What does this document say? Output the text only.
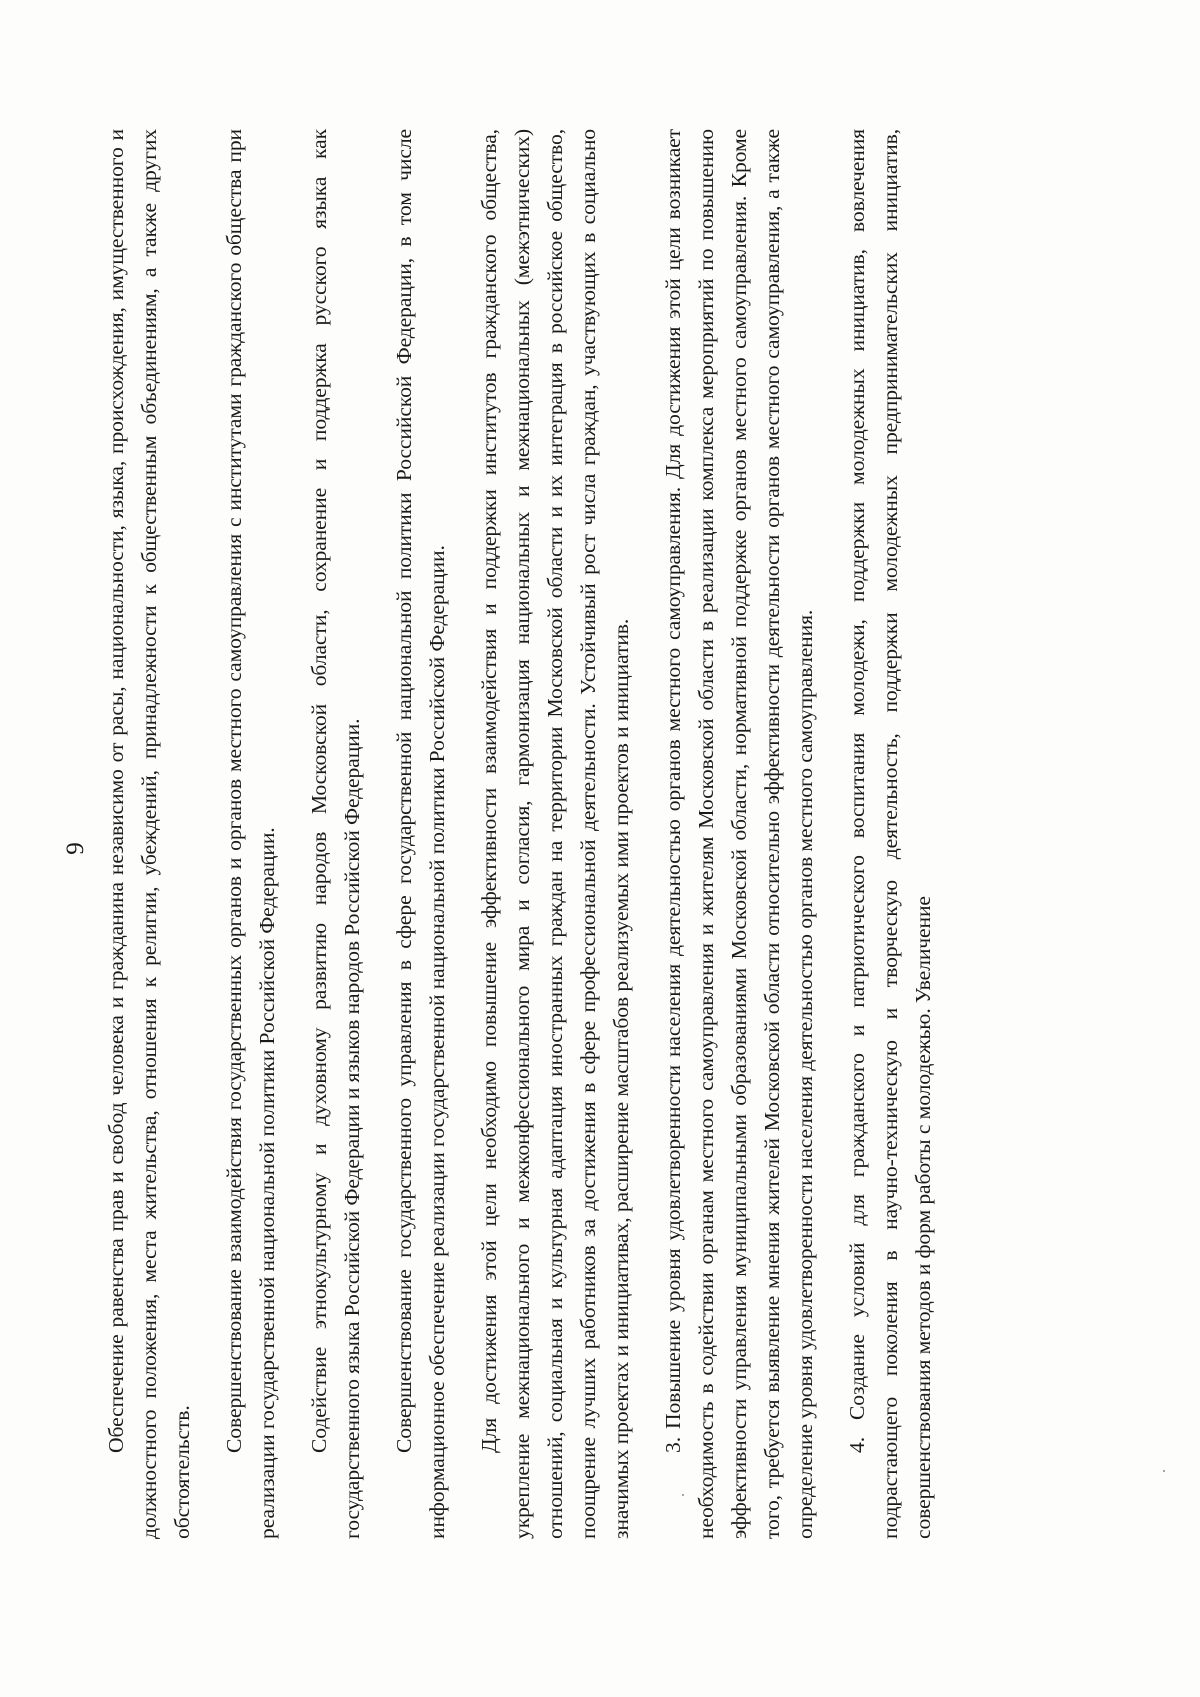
9 Обеспечение равенства прав и свобод человека и гражданина независимо от расы, национальности, языка, происхождения, имущественного и должностного положения, места жительства, отношения к религии, убеждений, принадлежности к общественным объединениям, а также других обстоятельств.

Совершенствование взаимодействия государственных органов и органов местного самоуправления с институтами гражданского общества при реализации государственной национальной политики Российской Федерации. Содействие этнокультурному и духовному развитию народов Московской области, сохранение и поддержка русского языка как государственного языка Российской Федерации и языков народов Российской Федерации. Совершенствование государственного управления в сфере государственной национальной политики Российской Федерации, в том числе информационное обеспечение реализации государственной национальной политики Российской Федерации. Для достижения этой цели необходимо повышение эффективности взаимодействия и поддержки институтов гражданского общества, укрепление межнационального и межконфессионального мира и согласия, гармонизация национальных и межнациональных (межэтнических) отношений, социальная и культурная адаптация иностранных граждан на территории Московской области и их интеграция в российское общество, поощрение лучших работников за достижения в сфере профессиональной деятельности. Устойчивый рост числа граждан, участвующих в социально значимых проектах и инициативах, расширение масштабов реализуемых ими проектов и инициатив. 3. Повышение уровня удовлетворенности населения деятельностью органов местного самоуправления. Для достижения этой цели возникает необходимость в содействии органам местного самоуправления и жителям Московской области в реализации комплекса мероприятий по повышению эффективности управления муниципальными образованиями Московской области, нормативной поддержке органов местного самоуправления. Кроме того, требуется выявление мнения жителей Московской области относительно эффективности деятельности органов местного самоуправления, а также определение уровня удовлетворенности населения деятельностью органов местного самоуправления. 4. Создание условий для гражданского и патриотического воспитания молодежи, поддержки молодежных инициатив, вовлечения подрастающего поколения в научно-техническую и творческую деятельность, поддержки молодежных предпринимательских инициатив, совершенствования методов и форм работы с молодежью. Увеличение
